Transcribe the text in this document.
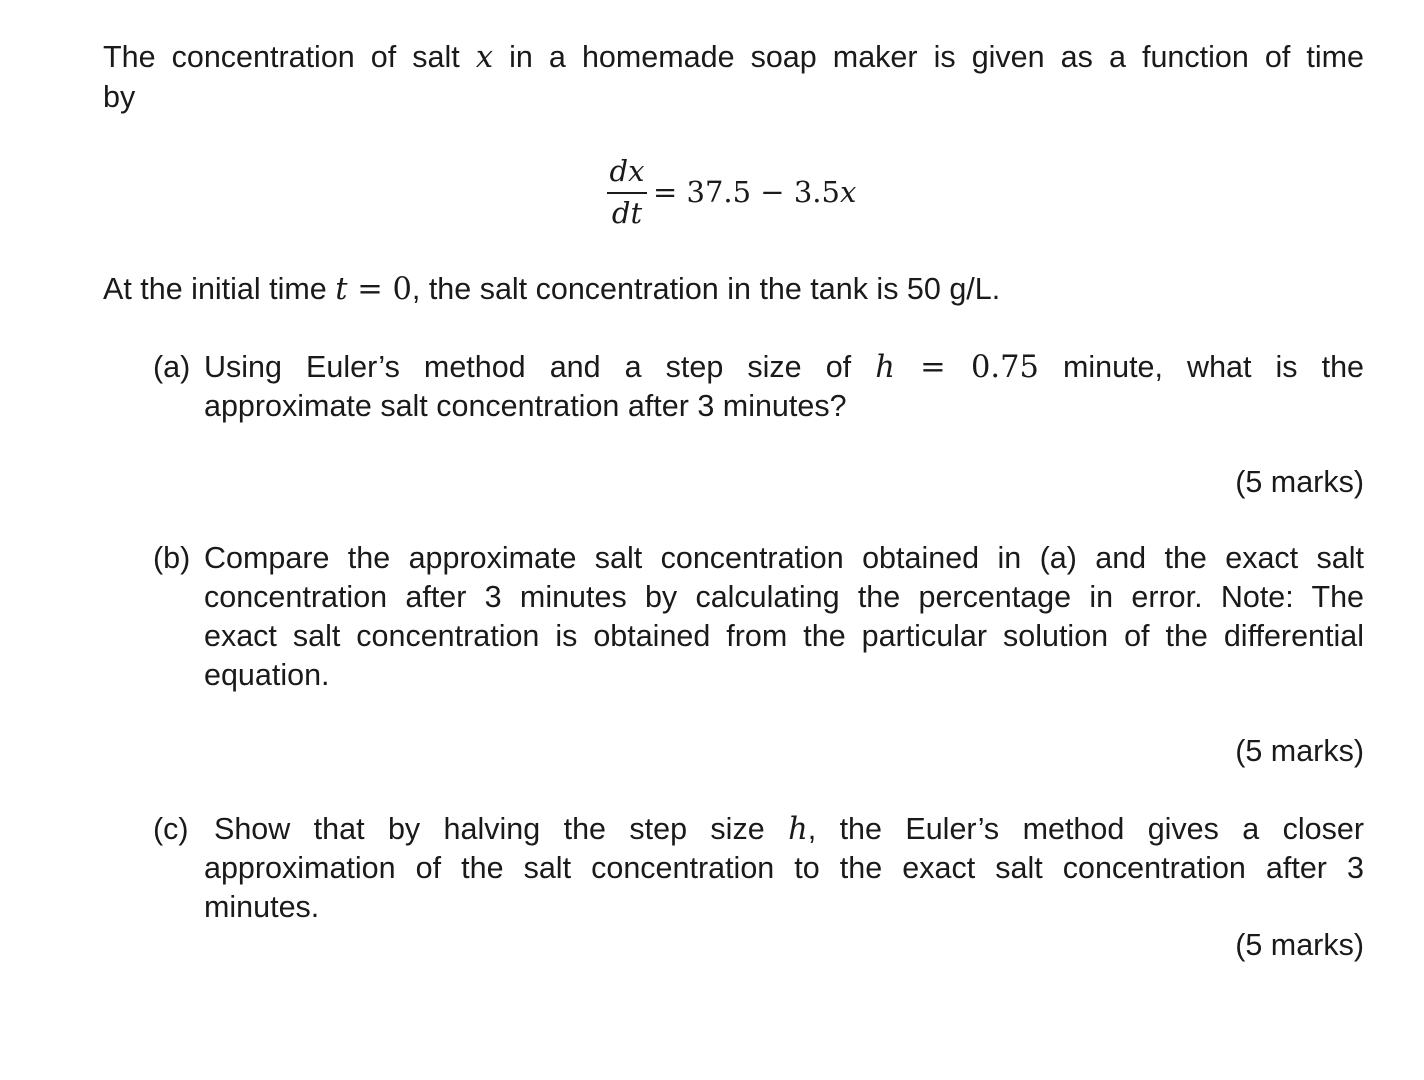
The concentration of salt x in a homemade soap maker is given as a function of time
by
$\frac{dx}{dt} = 37.5 - 3.5x$
At the initial time t = 0, the salt concentration in the tank is 50 g/L.
(a) Using Euler’s method and a step size of h = 0.75 minute, what is the
approximate salt concentration after 3 minutes?
(5 marks)
(b) Compare the approximate salt concentration obtained in (a) and the exact salt
concentration after 3 minutes by calculating the percentage in error. Note: The
exact salt concentration is obtained from the particular solution of the differential
equation.
(5 marks)
(c) Show that by halving the step size h, the Euler’s method gives a closer
approximation of the salt concentration to the exact salt concentration after 3
minutes.
(5 marks)
